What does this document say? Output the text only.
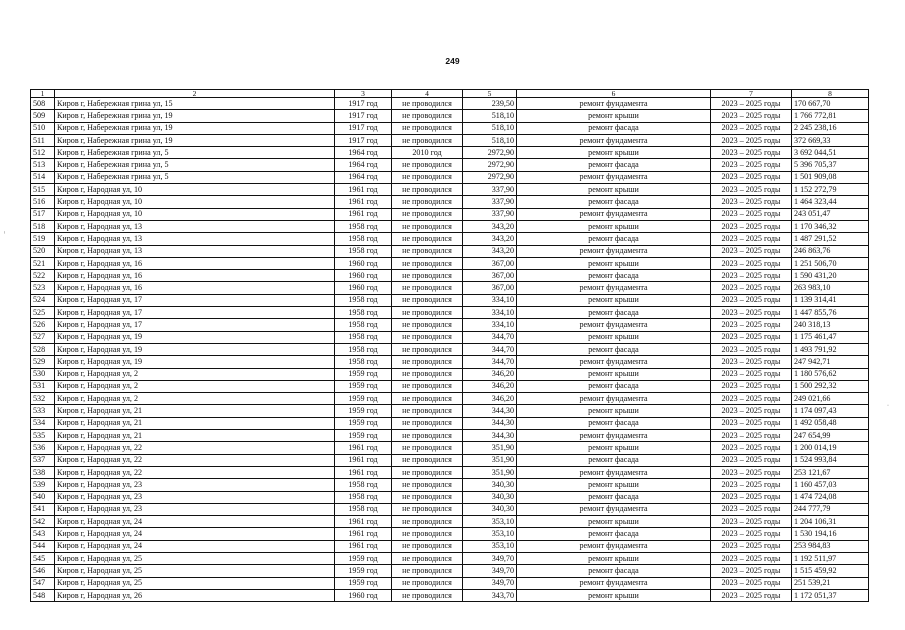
249
ᵗ
·
1	2	3	4	5	6	7	8
508	Киров г, Набережная грина ул, 15	1917 год	не проводился	239,50	ремонт фундамента	2023 – 2025 годы	170 667,70
509	Киров г, Набережная грина ул, 19	1917 год	не проводился	518,10	ремонт крыши	2023 – 2025 годы	1 766 772,81
510	Киров г, Набережная грина ул, 19	1917 год	не проводился	518,10	ремонт фасада	2023 – 2025 годы	2 245 238,16
511	Киров г, Набережная грина ул, 19	1917 год	не проводился	518,10	ремонт фундамента	2023 – 2025 годы	372 669,33
512	Киров г, Набережная грина ул, 5	1964 год	2010 год	2972,90	ремонт крыши	2023 – 2025 годы	3 692 044,51
513	Киров г, Набережная грина ул, 5	1964 год	не проводился	2972,90	ремонт фасада	2023 – 2025 годы	5 396 705,37
514	Киров г, Набережная грина ул, 5	1964 год	не проводился	2972,90	ремонт фундамента	2023 – 2025 годы	1 501 909,08
515	Киров г, Народная ул, 10	1961 год	не проводился	337,90	ремонт крыши	2023 – 2025 годы	1 152 272,79
516	Киров г, Народная ул, 10	1961 год	не проводился	337,90	ремонт фасада	2023 – 2025 годы	1 464 323,44
517	Киров г, Народная ул, 10	1961 год	не проводился	337,90	ремонт фундамента	2023 – 2025 годы	243 051,47
518	Киров г, Народная ул, 13	1958 год	не проводился	343,20	ремонт крыши	2023 – 2025 годы	1 170 346,32
519	Киров г, Народная ул, 13	1958 год	не проводился	343,20	ремонт фасада	2023 – 2025 годы	1 487 291,52
520	Киров г, Народная ул, 13	1958 год	не проводился	343,20	ремонт фундамента	2023 – 2025 годы	246 863,76
521	Киров г, Народная ул, 16	1960 год	не проводился	367,00	ремонт крыши	2023 – 2025 годы	1 251 506,70
522	Киров г, Народная ул, 16	1960 год	не проводился	367,00	ремонт фасада	2023 – 2025 годы	1 590 431,20
523	Киров г, Народная ул, 16	1960 год	не проводился	367,00	ремонт фундамента	2023 – 2025 годы	263 983,10
524	Киров г, Народная ул, 17	1958 год	не проводился	334,10	ремонт крыши	2023 – 2025 годы	1 139 314,41
525	Киров г, Народная ул, 17	1958 год	не проводился	334,10	ремонт фасада	2023 – 2025 годы	1 447 855,76
526	Киров г, Народная ул, 17	1958 год	не проводился	334,10	ремонт фундамента	2023 – 2025 годы	240 318,13
527	Киров г, Народная ул, 19	1958 год	не проводился	344,70	ремонт крыши	2023 – 2025 годы	1 175 461,47
528	Киров г, Народная ул, 19	1958 год	не проводился	344,70	ремонт фасада	2023 – 2025 годы	1 493 791,92
529	Киров г, Народная ул, 19	1958 год	не проводился	344,70	ремонт фундамента	2023 – 2025 годы	247 942,71
530	Киров г, Народная ул, 2	1959 год	не проводился	346,20	ремонт крыши	2023 – 2025 годы	1 180 576,62
531	Киров г, Народная ул, 2	1959 год	не проводился	346,20	ремонт фасада	2023 – 2025 годы	1 500 292,32
532	Киров г, Народная ул, 2	1959 год	не проводился	346,20	ремонт фундамента	2023 – 2025 годы	249 021,66
533	Киров г, Народная ул, 21	1959 год	не проводился	344,30	ремонт крыши	2023 – 2025 годы	1 174 097,43
534	Киров г, Народная ул, 21	1959 год	не проводился	344,30	ремонт фасада	2023 – 2025 годы	1 492 058,48
535	Киров г, Народная ул, 21	1959 год	не проводился	344,30	ремонт фундамента	2023 – 2025 годы	247 654,99
536	Киров г, Народная ул, 22	1961 год	не проводился	351,90	ремонт крыши	2023 – 2025 годы	1 200 014,19
537	Киров г, Народная ул, 22	1961 год	не проводился	351,90	ремонт фасада	2023 – 2025 годы	1 524 993,84
538	Киров г, Народная ул, 22	1961 год	не проводился	351,90	ремонт фундамента	2023 – 2025 годы	253 121,67
539	Киров г, Народная ул, 23	1958 год	не проводился	340,30	ремонт крыши	2023 – 2025 годы	1 160 457,03
540	Киров г, Народная ул, 23	1958 год	не проводился	340,30	ремонт фасада	2023 – 2025 годы	1 474 724,08
541	Киров г, Народная ул, 23	1958 год	не проводился	340,30	ремонт фундамента	2023 – 2025 годы	244 777,79
542	Киров г, Народная ул, 24	1961 год	не проводился	353,10	ремонт крыши	2023 – 2025 годы	1 204 106,31
543	Киров г, Народная ул, 24	1961 год	не проводился	353,10	ремонт фасада	2023 – 2025 годы	1 530 194,16
544	Киров г, Народная ул, 24	1961 год	не проводился	353,10	ремонт фундамента	2023 – 2025 годы	253 984,83
545	Киров г, Народная ул, 25	1959 год	не проводился	349,70	ремонт крыши	2023 – 2025 годы	1 192 511,97
546	Киров г, Народная ул, 25	1959 год	не проводился	349,70	ремонт фасада	2023 – 2025 годы	1 515 459,92
547	Киров г, Народная ул, 25	1959 год	не проводился	349,70	ремонт фундамента	2023 – 2025 годы	251 539,21
548	Киров г, Народная ул, 26	1960 год	не проводился	343,70	ремонт крыши	2023 – 2025 годы	1 172 051,37
